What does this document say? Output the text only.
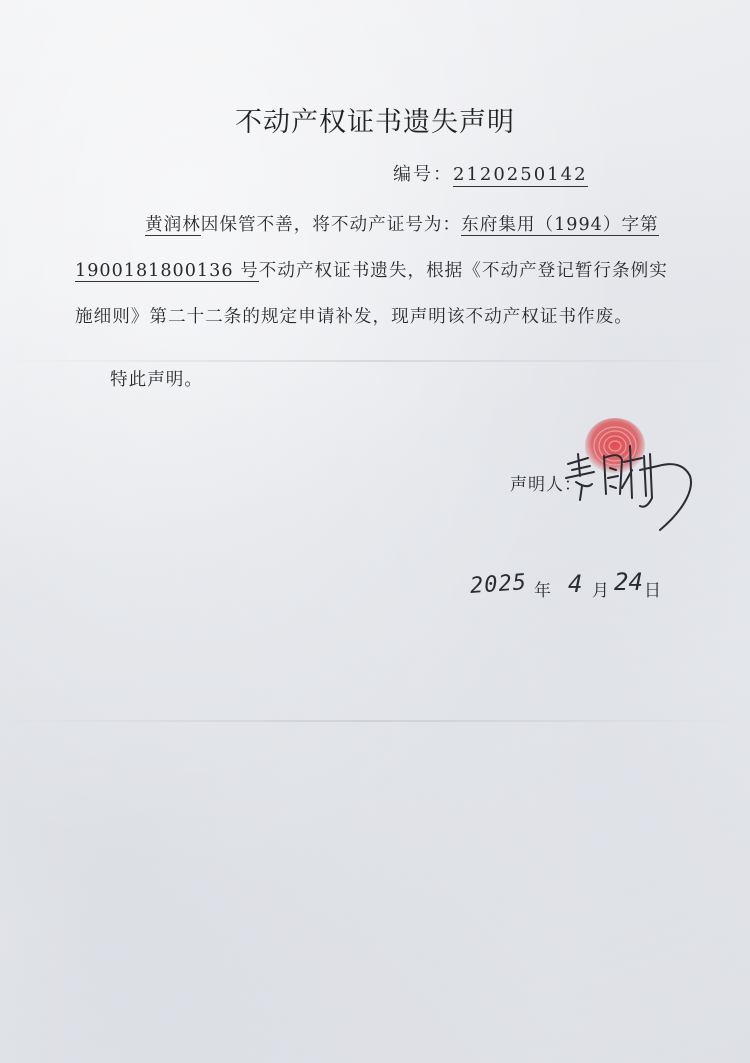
不动产权证书遗失声明
编号：2120250142
黄润林因保管不善，将不动产证号为：东府集用（1994）字第1900181800136 号不动产权证书遗失，根据《不动产登记暂行条例实施细则》第二十二条的规定申请补发，现声明该不动产权证书作废。
特此声明。
声明人：
2025 年 4 月 24 日
